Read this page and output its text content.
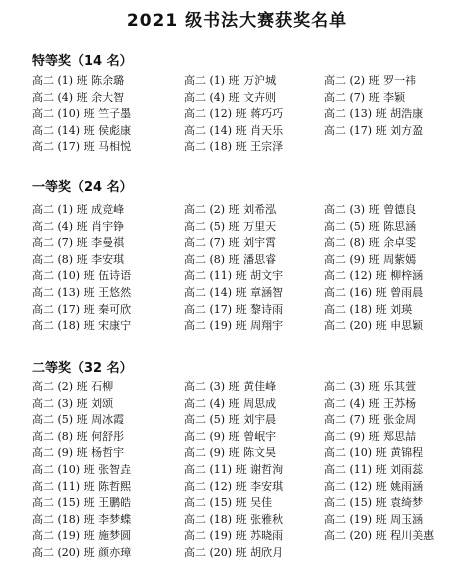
2021 级书法大赛获奖名单
特等奖（14 名）
高二 (1) 班 陈余璐	高二 (1) 班 万沪城	高二 (2) 班 罗一祎
高二 (4) 班 余大智	高二 (4) 班 文卉则	高二 (7) 班 李颖
高二 (10) 班 竺子墨	高二 (12) 班 蒋巧巧	高二 (13) 班 胡浩康
高二 (14) 班 侯彪康	高二 (14) 班 肖天乐	高二 (17) 班 刘方盈
高二 (17) 班 马相悦	高二 (18) 班 王宗泽
一等奖（24 名）
高二 (1) 班 成竞峰	高二 (2) 班 刘希泓	高二 (3) 班 曾德良
高二 (4) 班 肖宇铮	高二 (5) 班 万里天	高二 (5) 班 陈思涵
高二 (7) 班 李曼祺	高二 (7) 班 刘宇霄	高二 (8) 班 余卓雯
高二 (8) 班 李安琪	高二 (8) 班 潘思睿	高二 (9) 班 周紫嫣
高二 (10) 班 伍诗语	高二 (11) 班 胡文宇	高二 (12) 班 柳梓涵
高二 (13) 班 王悠然	高二 (14) 班 章涵智	高二 (16) 班 曾雨晨
高二 (17) 班 秦可欣	高二 (17) 班 黎诗雨	高二 (18) 班 刘瑛
高二 (18) 班 宋康宁	高二 (19) 班 周翔宇	高二 (20) 班 申思颖
二等奖（32 名）
高二 (2) 班 石柳	高二 (3) 班 黄佳峰	高二 (3) 班 乐其萱
高二 (3) 班 刘颂	高二 (4) 班 周思成	高二 (4) 班 王苏杨
高二 (5) 班 周冰霞	高二 (5) 班 刘宇晨	高二 (7) 班 张金周
高二 (8) 班 何舒彤	高二 (9) 班 曾岷宇	高二 (9) 班 郑思喆
高二 (9) 班 杨哲宇	高二 (9) 班 陈文昊	高二 (10) 班 黄锦程
高二 (10) 班 张智垚	高二 (11) 班 谢哲洵	高二 (11) 班 刘雨蕊
高二 (11) 班 陈哲熙	高二 (12) 班 李安琪	高二 (12) 班 姚雨涵
高二 (15) 班 王鹏皓	高二 (15) 班 吴佳	高二 (15) 班 袁绮梦
高二 (18) 班 李梦蝶	高二 (18) 班 张雅秋	高二 (19) 班 周玉涵
高二 (19) 班 施梦圆	高二 (19) 班 苏晓雨	高二 (20) 班 程川美惠
高二 (20) 班 颜亦璋	高二 (20) 班 胡欣月
